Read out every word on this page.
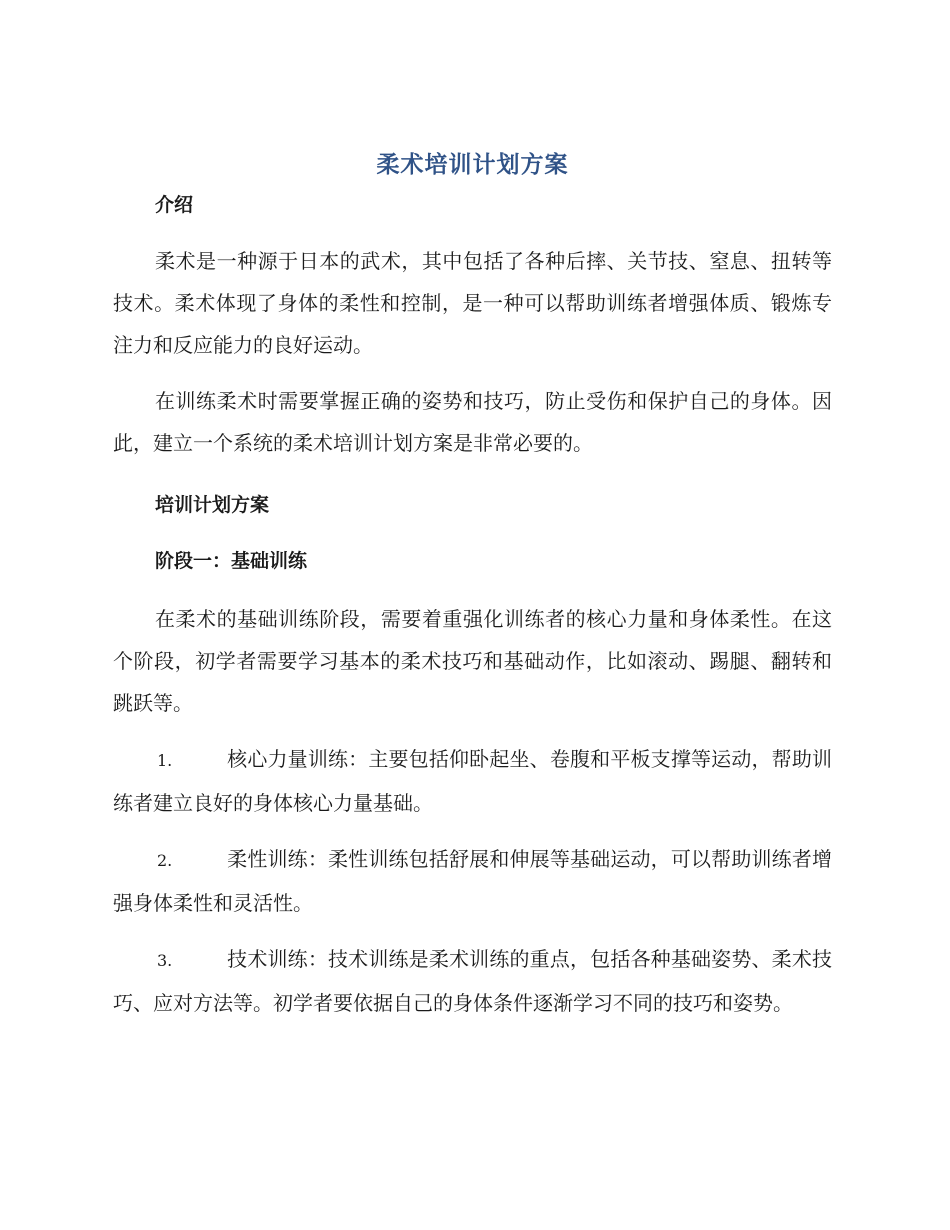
柔术培训计划方案
介绍

柔术是一种源于日本的武术，其中包括了各种后摔、关节技、窒息、扭转等技术。柔术体现了身体的柔性和控制，是一种可以帮助训练者增强体质、锻炼专注力和反应能力的良好运动。

在训练柔术时需要掌握正确的姿势和技巧，防止受伤和保护自己的身体。因此，建立一个系统的柔术培训计划方案是非常必要的。

培训计划方案
阶段一：基础训练

在柔术的基础训练阶段，需要着重强化训练者的核心力量和身体柔性。在这个阶段，初学者需要学习基本的柔术技巧和基础动作，比如滚动、踢腿、翻转和跳跃等。

1.	核心力量训练：主要包括仰卧起坐、卷腹和平板支撑等运动，帮助训练者建立良好的身体核心力量基础。

2.	柔性训练：柔性训练包括舒展和伸展等基础运动，可以帮助训练者增强身体柔性和灵活性。

3.	技术训练：技术训练是柔术训练的重点，包括各种基础姿势、柔术技巧、应对方法等。初学者要依据自己的身体条件逐渐学习不同的技巧和姿势。
